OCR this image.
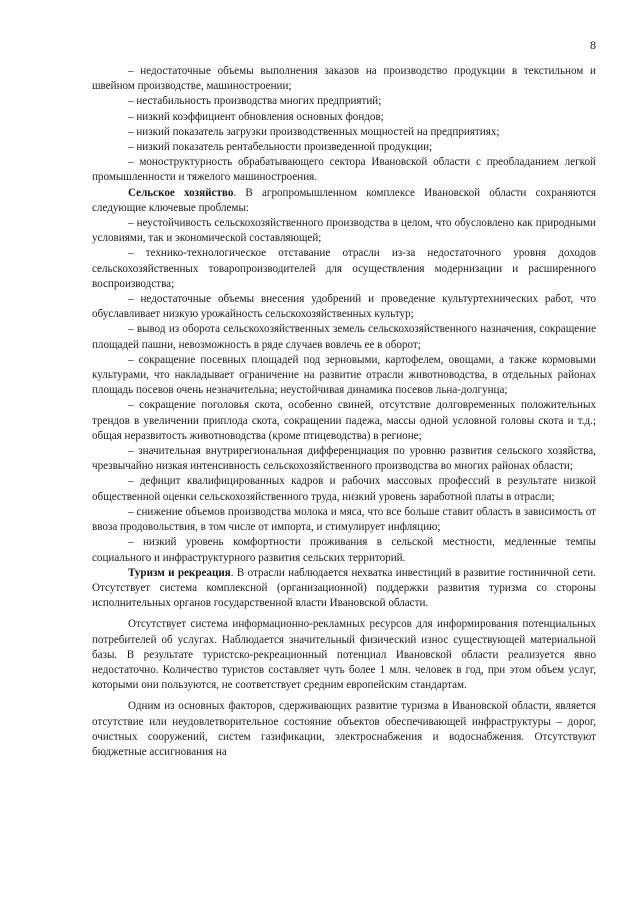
8

– недостаточные объемы выполнения заказов на производство продукции в текстильном и швейном производстве, машиностроении;

– нестабильность производства многих предприятий;

– низкий коэффициент обновления основных фондов;

– низкий показатель загрузки производственных мощностей на предприятиях;

– низкий показатель рентабельности произведенной продукции;

– моноструктурность обрабатывающего сектора Ивановской области с преобладанием легкой промышленности и тяжелого машиностроения.

Сельское хозяйство. В агропромышленном комплексе Ивановской области сохраняются следующие ключевые проблемы:

– неустойчивость сельскохозяйственного производства в целом, что обусловлено как природными условиями, так и экономической составляющей;

– технико-технологическое отставание отрасли из-за недостаточного уровня доходов сельскохозяйственных товаропроизводителей для осуществления модернизации и расширенного воспроизводства;

– недостаточные объемы внесения удобрений и проведение культуртехнических работ, что обуславливает низкую урожайность сельскохозяйственных культур;

– вывод из оборота сельскохозяйственных земель сельскохозяйственного назначения, сокращение площадей пашни, невозможность в ряде случаев вовлечь ее в оборот;

– сокращение посевных площадей под зерновыми, картофелем, овощами, а также кормовыми культурами, что накладывает ограничение на развитие отрасли животноводства, в отдельных районах площадь посевов очень незначительна; неустойчивая динамика посевов льна-долгунца;

– сокращение поголовья скота, особенно свиней, отсутствие долговременных положительных трендов в увеличении приплода скота, сокращении падежа, массы одной условной головы скота и т.д.; общая неразвитость животноводства (кроме птицеводства) в регионе;

– значительная внутрирегиональная дифференциация по уровню развития сельского хозяйства, чрезвычайно низкая интенсивность сельскохозяйственного производства во многих районах области;

– дефицит квалифицированных кадров и рабочих массовых профессий в результате низкой общественной оценки сельскохозяйственного труда, низкий уровень заработной платы в отрасли;

– снижение объемов производства молока и мяса, что все больше ставит область в зависимость от ввоза продовольствия, в том числе от импорта, и стимулирует инфляцию;

– низкий уровень комфортности проживания в сельской местности, медленные темпы социального и инфраструктурного развития сельских территорий.

Туризм и рекреация. В отрасли наблюдается нехватка инвестиций в развитие гостиничной сети. Отсутствует система комплексной (организационной) поддержки развития туризма со стороны исполнительных органов государственной власти Ивановской области.

Отсутствует система информационно-рекламных ресурсов для информирования потенциальных потребителей об услугах. Наблюдается значительный физический износ существующей материальной базы. В результате туристско-рекреационный потенциал Ивановской области реализуется явно недостаточно. Количество туристов составляет чуть более 1 млн. человек в год, при этом объем услуг, которыми они пользуются, не соответствует средним европейским стандартам.

Одним из основных факторов, сдерживающих развитие туризма в Ивановской области, является отсутствие или неудовлетворительное состояние объектов обеспечивающей инфраструктуры – дорог, очистных сооружений, систем газификации, электроснабжения и водоснабжения. Отсутствуют бюджетные ассигнования на
